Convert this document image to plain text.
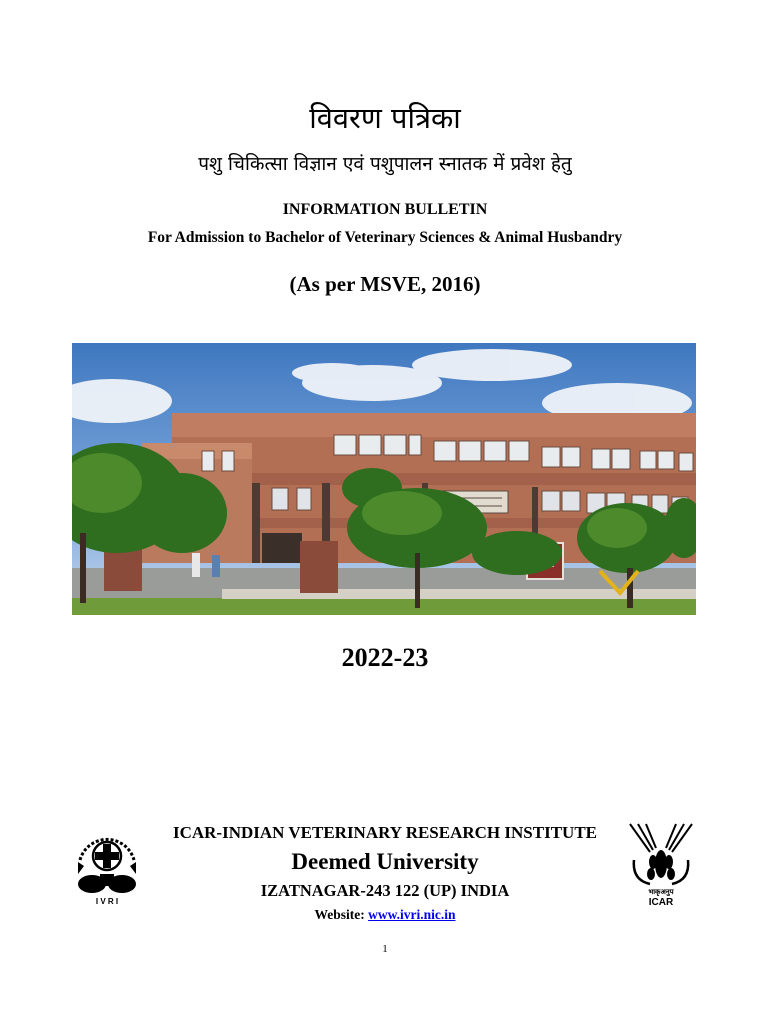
विवरण पत्रिका
पशु चिकित्सा विज्ञान एवं पशुपालन स्नातक में प्रवेश हेतु
INFORMATION BULLETIN
For Admission to Bachelor of Veterinary Sciences & Animal Husbandry
(As per MSVE, 2016)
2022-23
I V R I
ICAR-INDIAN VETERINARY RESEARCH INSTITUTE
Deemed University
IZATNAGAR-243 122 (UP) INDIA
Website: www.ivri.nic.in
भाकृअनुप
ICAR
1
